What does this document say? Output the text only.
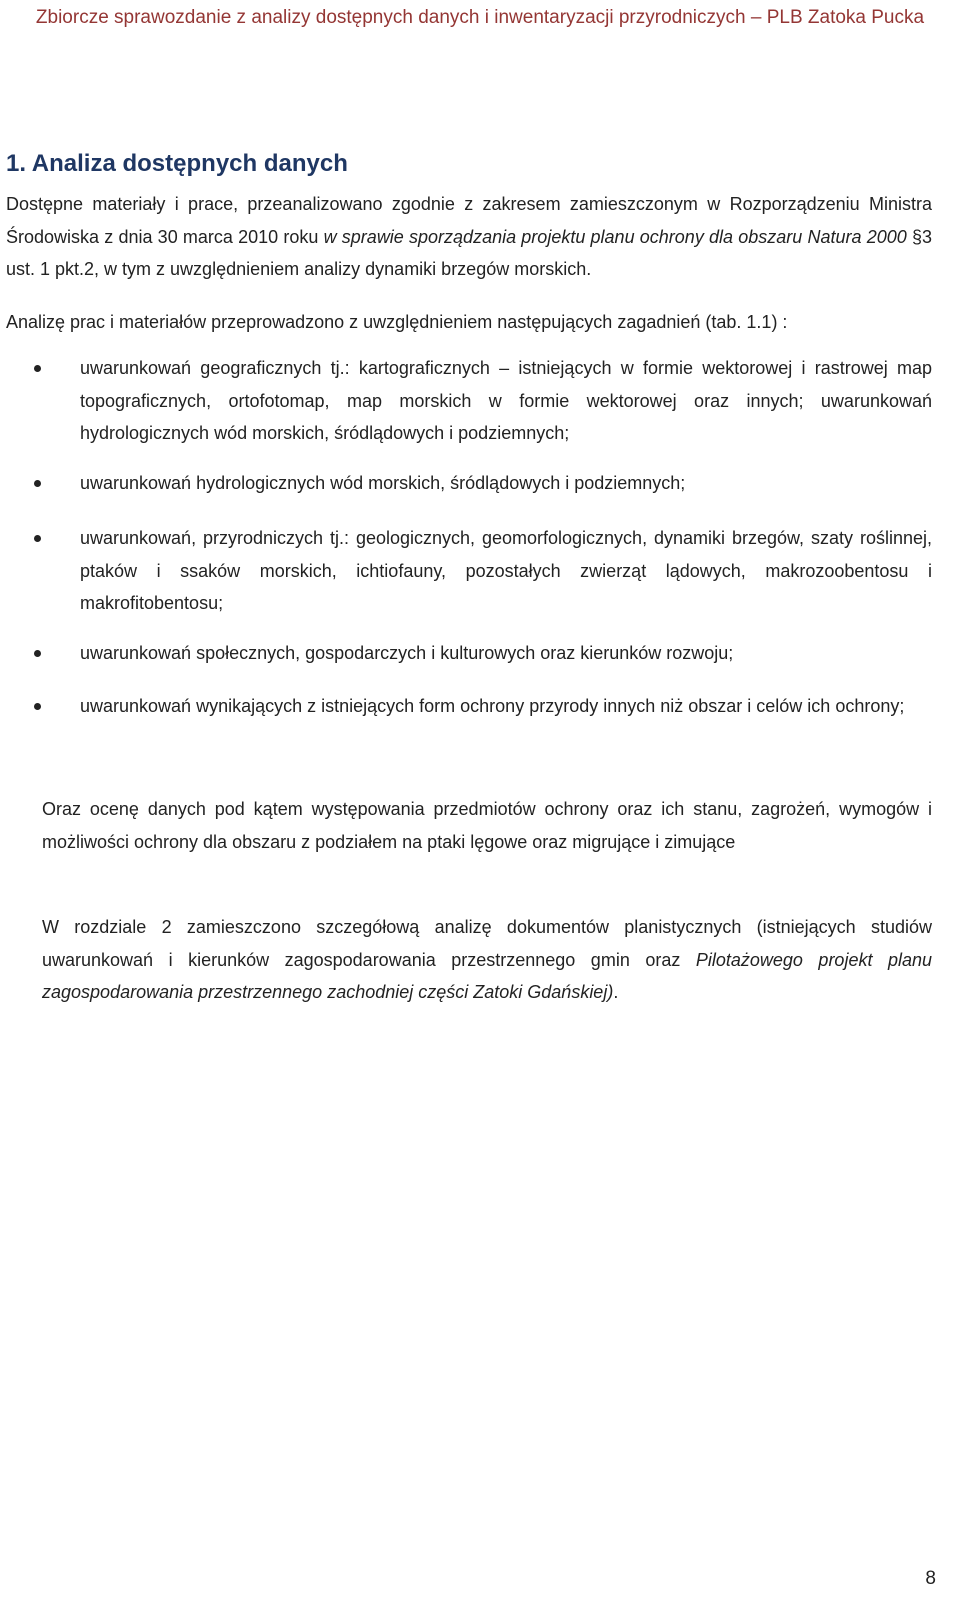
Zbiorcze sprawozdanie z analizy dostępnych danych i inwentaryzacji przyrodniczych – PLB Zatoka Pucka
1. Analiza dostępnych danych

Dostępne materiały i prace, przeanalizowano zgodnie z zakresem zamieszczonym w Rozporządzeniu Ministra Środowiska z dnia 30 marca 2010 roku w sprawie sporządzania projektu planu ochrony dla obszaru Natura 2000 §3 ust. 1 pkt.2, w tym z uwzględnieniem analizy dynamiki brzegów morskich.

Analizę prac i materiałów przeprowadzono z uwzględnieniem następujących zagadnień (tab. 1.1) :

uwarunkowań geograficznych tj.: kartograficznych – istniejących w formie wektorowej i rastrowej map topograficznych, ortofotomap, map morskich w formie wektorowej oraz innych; uwarunkowań hydrologicznych wód morskich, śródlądowych i podziemnych;
uwarunkowań hydrologicznych wód morskich, śródlądowych i podziemnych;
uwarunkowań, przyrodniczych tj.: geologicznych, geomorfologicznych, dynamiki brzegów, szaty roślinnej, ptaków i ssaków morskich, ichtiofauny, pozostałych zwierząt lądowych, makrozoobentosu i makrofitobentosu;
uwarunkowań społecznych, gospodarczych i kulturowych oraz kierunków rozwoju;
uwarunkowań wynikających z istniejących form ochrony przyrody innych niż obszar i celów ich ochrony;

Oraz ocenę danych pod kątem występowania przedmiotów ochrony oraz ich stanu, zagrożeń, wymogów i możliwości ochrony dla obszaru z podziałem na ptaki lęgowe oraz migrujące i zimujące

W rozdziale 2 zamieszczono szczegółową analizę dokumentów planistycznych (istniejących studiów uwarunkowań i kierunków zagospodarowania przestrzennego gmin oraz Pilotażowego projekt planu zagospodarowania przestrzennego zachodniej części Zatoki Gdańskiej).

8
